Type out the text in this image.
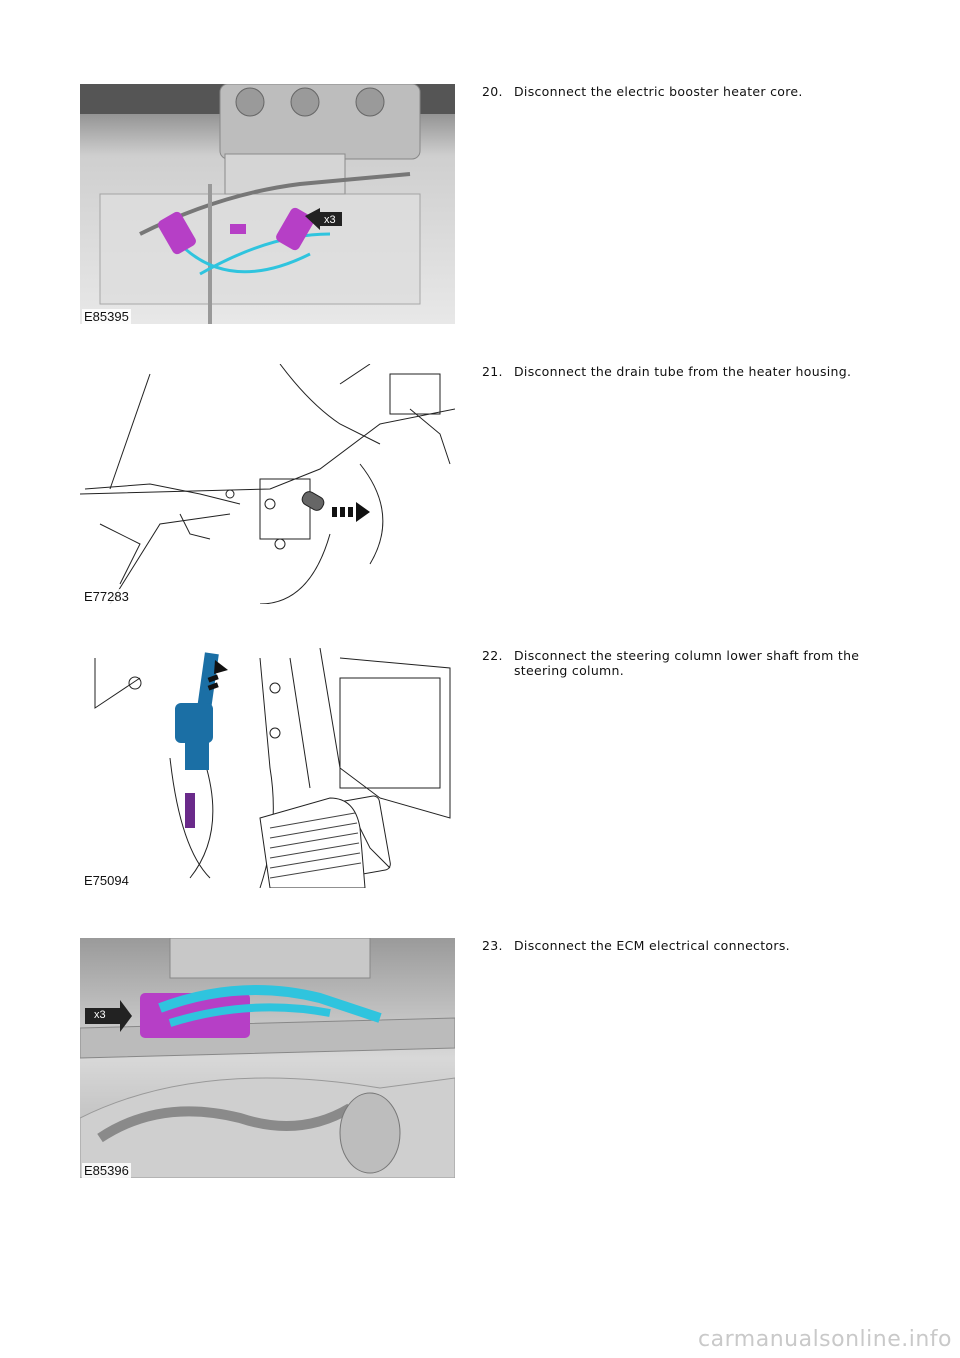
x3
E85395
20. Disconnect the electric booster heater core.
E77283
21. Disconnect the drain tube from the heater housing.
E75094
22. Disconnect the steering column lower shaft from the steering column.
x3
E85396
23. Disconnect the ECM electrical connectors.
carmanualsonline.info
